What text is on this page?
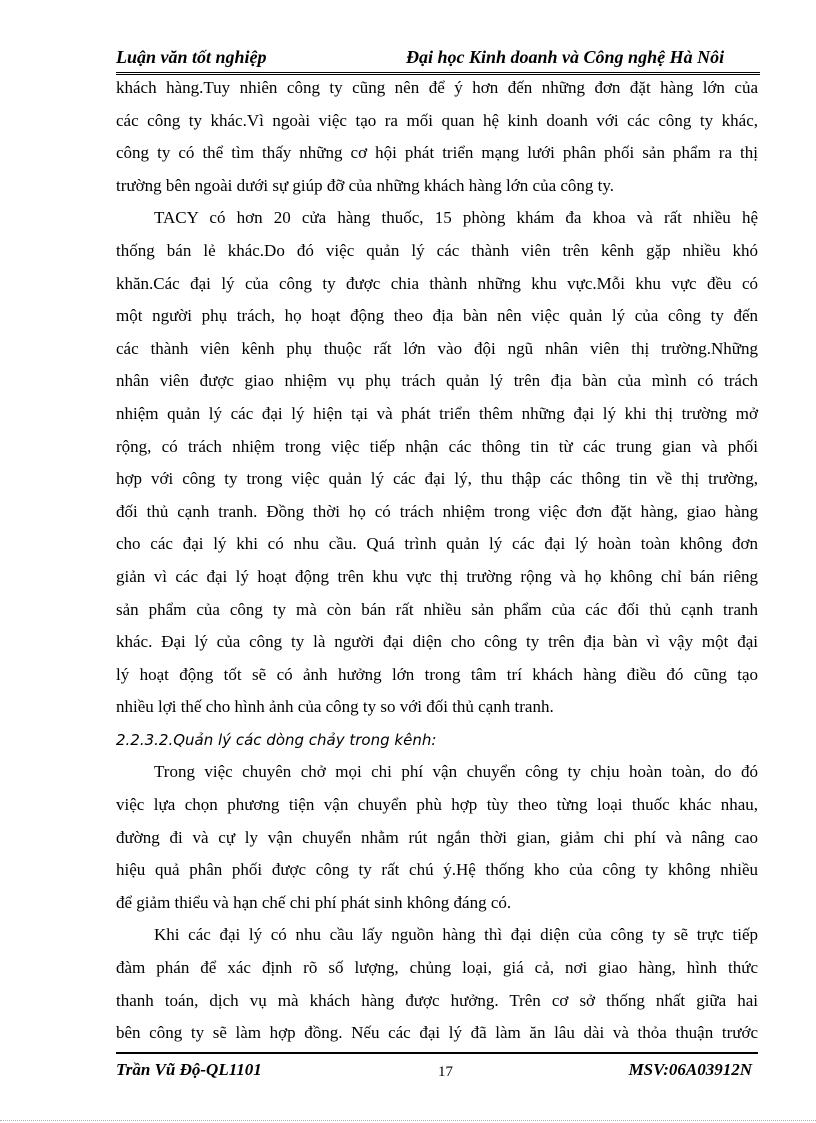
Luận văn tốt nghiệp	Đại học Kinh doanh và Công nghệ Hà Nôi
khách hàng.Tuy nhiên công ty cũng nên để ý hơn đến những đơn đặt hàng lớn của
các công ty khác.Vì ngoài việc tạo ra mối quan hệ kinh doanh với các công ty khác,
công ty có thể tìm thấy những cơ hội phát triển mạng lưới phân phối sản phẩm ra thị
trường bên ngoài dưới sự giúp đỡ của những khách hàng lớn của công ty.
TACY có hơn 20 cửa hàng thuốc, 15 phòng khám đa khoa và rất nhiều hệ
thống bán lẻ khác.Do đó việc quản lý các thành viên trên kênh gặp nhiều khó
khăn.Các đại lý của công ty được chia thành những khu vực.Mỗi khu vực đều có
một người phụ trách, họ hoạt động theo địa bàn nên việc quản lý của công ty đến
các thành viên kênh phụ thuộc rất lớn vào đội ngũ nhân viên thị trường.Những
nhân viên được giao nhiệm vụ phụ trách quản lý trên địa bàn của mình có trách
nhiệm quản lý các đại lý hiện tại và phát triển thêm những đại lý khi thị trường mở
rộng, có trách nhiệm trong việc tiếp nhận các thông tin từ các trung gian và phối
hợp với công ty trong việc quản lý các đại lý, thu thập các thông tin về thị trường,
đối thủ cạnh tranh. Đồng thời họ có trách nhiệm trong việc đơn đặt hàng, giao hàng
cho các đại lý khi có nhu cầu. Quá trình quản lý các đại lý hoàn toàn không đơn
giản vì các đại lý hoạt động trên khu vực thị trường rộng và họ không chỉ bán riêng
sản phẩm của công ty mà còn bán rất nhiều sản phẩm của các đối thủ cạnh tranh
khác. Đại lý của công ty là người đại diện cho công ty trên địa bàn vì vậy một đại
lý hoạt động tốt sẽ có ảnh hưởng lớn trong tâm trí khách hàng điều đó cũng tạo
nhiều lợi thế cho hình ảnh của công ty so với đối thủ cạnh tranh.
2.2.3.2.Quản lý các dòng chảy trong kênh:
Trong việc chuyên chở mọi chi phí vận chuyển công ty chịu hoàn toàn, do đó
việc lựa chọn phương tiện vận chuyển phù hợp tùy theo từng loại thuốc khác nhau,
đường đi và cự ly vận chuyển nhằm rút ngắn thời gian, giảm chi phí và nâng cao
hiệu quả phân phối được công ty rất chú ý.Hệ thống kho của công ty không nhiều
để giảm thiểu và hạn chế chi phí phát sinh không đáng có.
Khi các đại lý có nhu cầu lấy nguồn hàng thì đại diện của công ty sẽ trực tiếp
đàm phán để xác định rõ số lượng, chủng loại, giá cả, nơi giao hàng, hình thức
thanh toán, dịch vụ mà khách hàng được hưởng. Trên cơ sở thống nhất giữa hai
bên công ty sẽ làm hợp đồng. Nếu các đại lý đã làm ăn lâu dài và thỏa thuận trước
Trần Vũ Độ-QL1101	17	MSV:06A03912N
